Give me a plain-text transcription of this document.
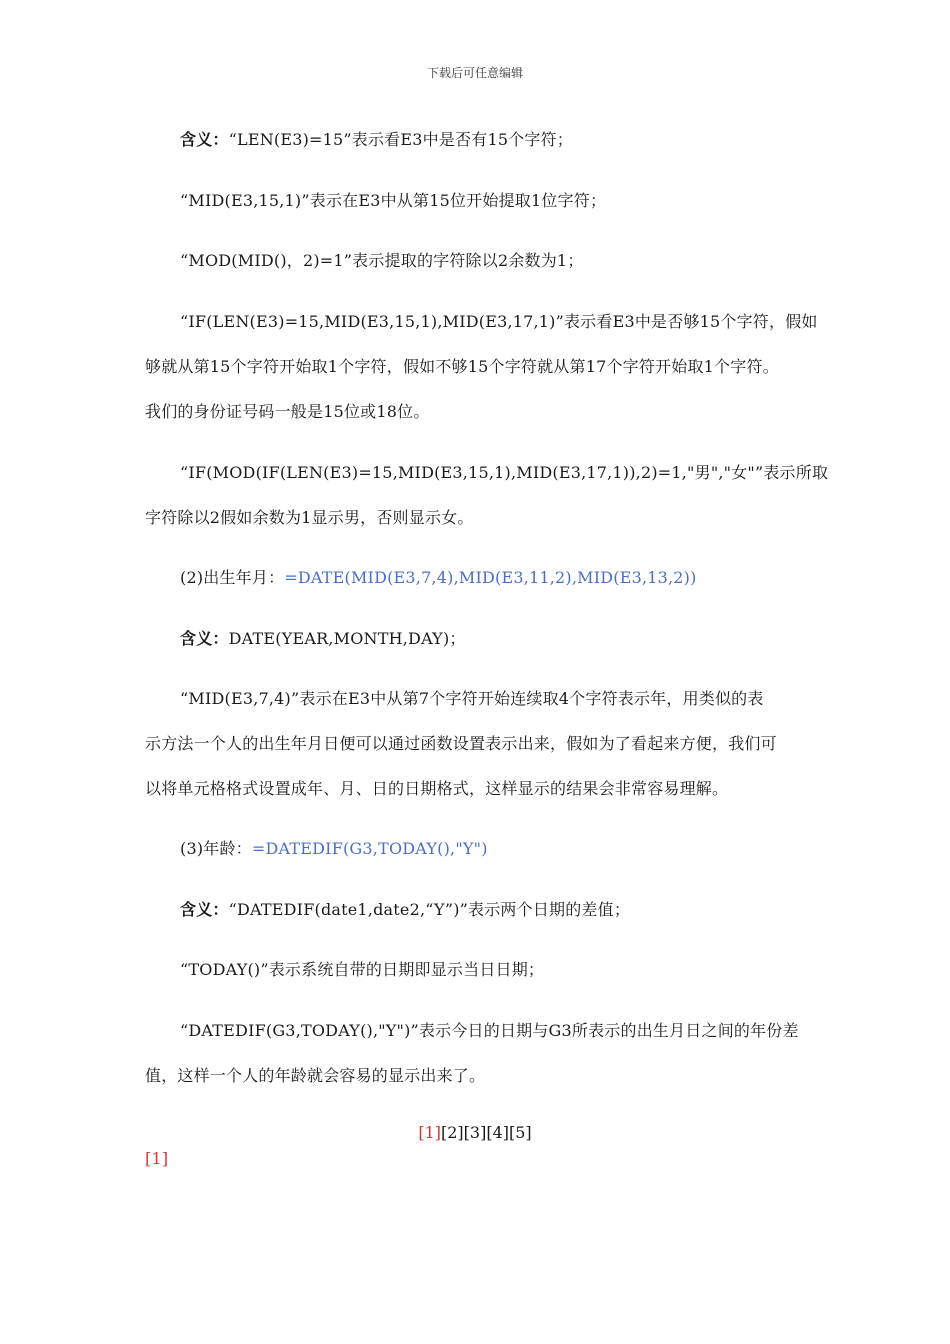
下载后可任意编辑
含义：“LEN(E3)=15”表示看E3中是否有15个字符；
“MID(E3,15,1)”表示在E3中从第15位开始提取1位字符；
“MOD(MID()，2)=1”表示提取的字符除以2余数为1；
“IF(LEN(E3)=15,MID(E3,15,1),MID(E3,17,1)”表示看E3中是否够15个字符，假如
够就从第15个字符开始取1个字符，假如不够15个字符就从第17个字符开始取1个字符。
我们的身份证号码一般是15位或18位。
“IF(MOD(IF(LEN(E3)=15,MID(E3,15,1),MID(E3,17,1)),2)=1,"男","女"”表示所取
字符除以2假如余数为1显示男，否则显示女。
(2)出生年月：=DATE(MID(E3,7,4),MID(E3,11,2),MID(E3,13,2))
含义：DATE(YEAR,MONTH,DAY)；
“MID(E3,7,4)”表示在E3中从第7个字符开始连续取4个字符表示年，用类似的表
示方法一个人的出生年月日便可以通过函数设置表示出来，假如为了看起来方便，我们可
以将单元格格式设置成年、月、日的日期格式，这样显示的结果会非常容易理解。
(3)年龄：=DATEDIF(G3,TODAY(),"Y")
含义：“DATEDIF(date1,date2,“Y”)”表示两个日期的差值；
“TODAY()”表示系统自带的日期即显示当日日期；
“DATEDIF(G3,TODAY(),"Y")”表示今日的日期与G3所表示的出生月日之间的年份差
值，这样一个人的年龄就会容易的显示出来了。
[1][2][3][4][5]
[1]
